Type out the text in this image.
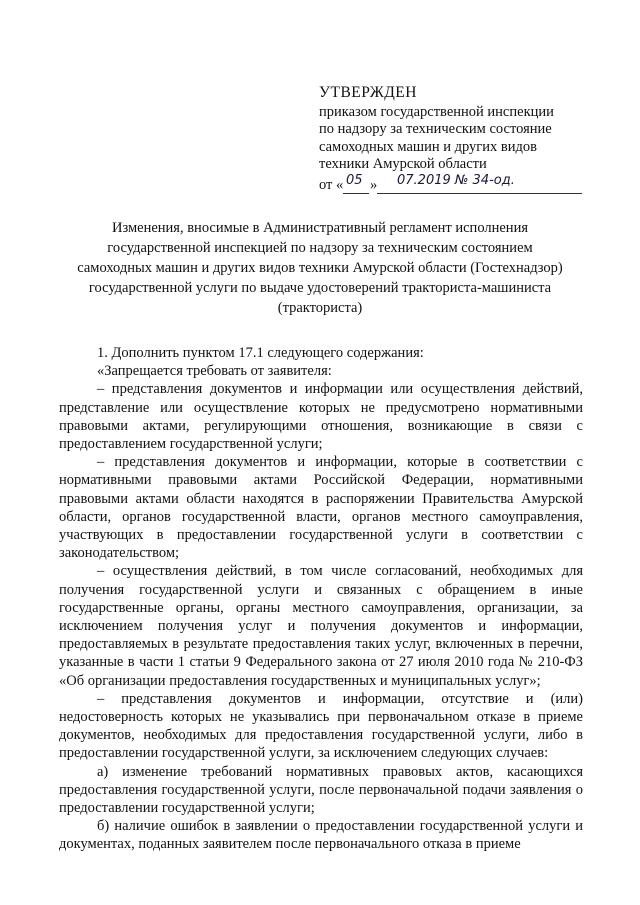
УТВЕРЖДЕН
приказом государственной инспекции
по надзору за техническим состояние
самоходных машин и других видов
техники Амурской области
от « 05 » 07.2019 № 34-од.
Изменения, вносимые в Административный регламент исполнения
государственной инспекцией по надзору за техническим состоянием
самоходных машин и других видов техники Амурской области (Гостехнадзор)
государственной услуги по выдаче удостоверений тракториста-машиниста
(тракториста)

1. Дополнить пунктом 17.1 следующего содержания:

«Запрещается требовать от заявителя:

– представления документов и информации или осуществления действий, представление или осуществление которых не предусмотрено нормативными правовыми актами, регулирующими отношения, возникающие в связи с предоставлением государственной услуги;

– представления документов и информации, которые в соответствии с нормативными правовыми актами Российской Федерации, нормативными правовыми актами области находятся в распоряжении Правительства Амурской области, органов государственной власти, органов местного самоуправления, участвующих в предоставлении государственной услуги в соответствии с законодательством;

– осуществления действий, в том числе согласований, необходимых для получения государственной услуги и связанных с обращением в иные государственные органы, органы местного самоуправления, организации, за исключением получения услуг и получения документов и информации, предоставляемых в результате предоставления таких услуг, включенных в перечни, указанные в части 1 статьи 9 Федерального закона от 27 июля 2010 года № 210-ФЗ «Об организации предоставления государственных и муниципальных услуг»;

– представления документов и информации, отсутствие и (или) недостоверность которых не указывались при первоначальном отказе в приеме документов, необходимых для предоставления государственной услуги, либо в предоставлении государственной услуги, за исключением следующих случаев:

а) изменение требований нормативных правовых актов, касающихся предоставления государственной услуги, после первоначальной подачи заявления о предоставлении государственной услуги;

б) наличие ошибок в заявлении о предоставлении государственной услуги и документах, поданных заявителем после первоначального отказа в приеме
